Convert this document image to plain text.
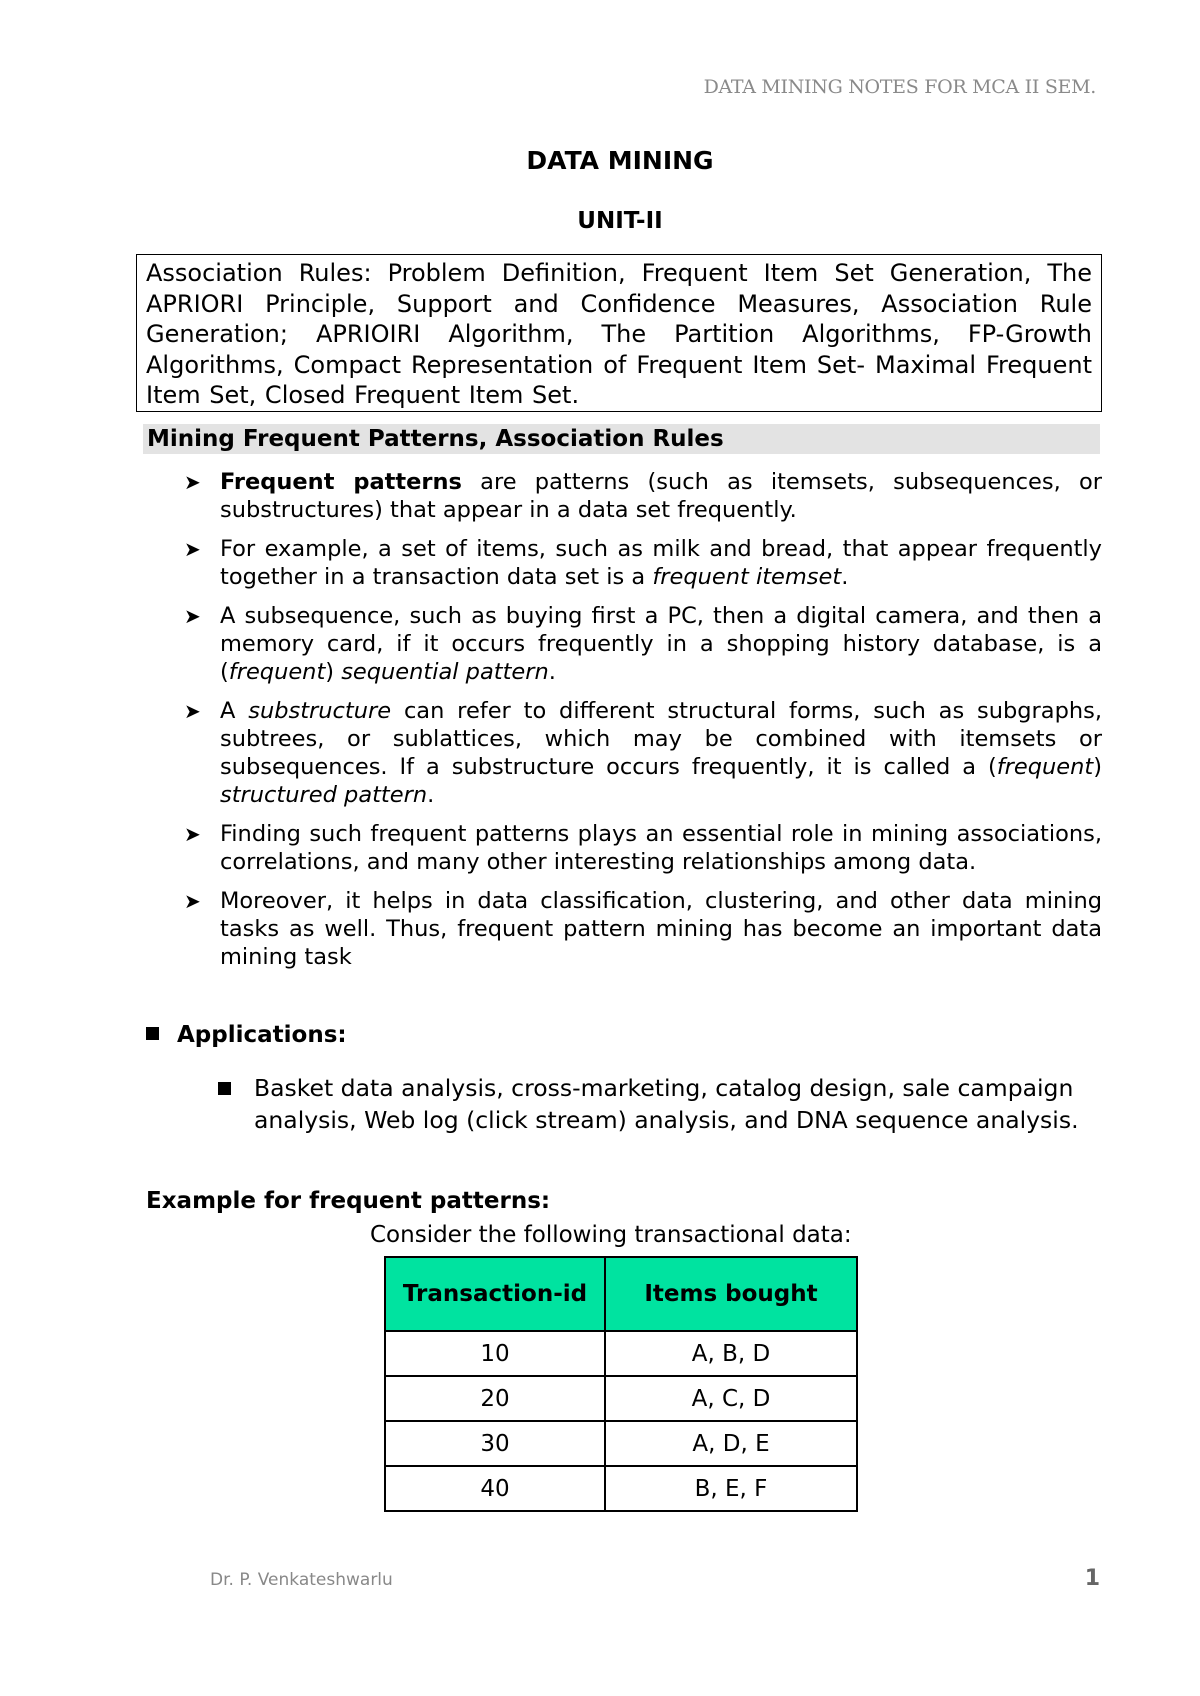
DATA MINING NOTES FOR MCA II SEM.
DATA MINING
UNIT-II
Association Rules: Problem Definition, Frequent Item Set Generation, The APRIORI Principle, Support and Confidence Measures, Association Rule Generation; APRIOIRI Algorithm, The Partition Algorithms, FP-Growth Algorithms, Compact Representation of Frequent Item Set- Maximal Frequent Item Set, Closed Frequent Item Set.
Mining Frequent Patterns, Association Rules
➤ Frequent patterns are patterns (such as itemsets, subsequences, or substructures) that appear in a data set frequently.
➤ For example, a set of items, such as milk and bread, that appear frequently together in a transaction data set is a frequent itemset.
➤ A subsequence, such as buying first a PC, then a digital camera, and then a memory card, if it occurs frequently in a shopping history database, is a (frequent) sequential pattern.
➤ A substructure can refer to different structural forms, such as subgraphs, subtrees, or sublattices, which may be combined with itemsets or subsequences. If a substructure occurs frequently, it is called a (frequent) structured pattern.
➤ Finding such frequent patterns plays an essential role in mining associations, correlations, and many other interesting relationships among data.
➤ Moreover, it helps in data classification, clustering, and other data mining tasks as well. Thus, frequent pattern mining has become an important data mining task
Applications:
Basket data analysis, cross-marketing, catalog design, sale campaign analysis, Web log (click stream) analysis, and DNA sequence analysis.
Example for frequent patterns:
Consider the following transactional data:
Transaction-id	Items bought
10	A, B, D
20	A, C, D
30	A, D, E
40	B, E, F
Dr. P. Venkateshwarlu	1
